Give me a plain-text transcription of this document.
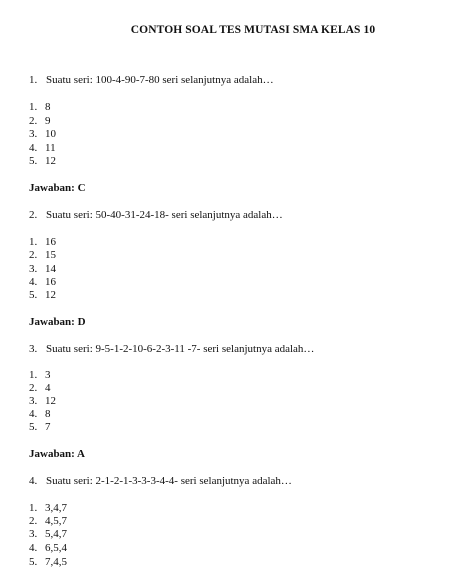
CONTOH SOAL TES MUTASI SMA KELAS 10
1. Suatu seri: 100-4-90-7-80 seri selanjutnya adalah…
1. 8
2. 9
3. 10
4. 11
5. 12
Jawaban: C
2. Suatu seri: 50-40-31-24-18- seri selanjutnya adalah…
1. 16
2. 15
3. 14
4. 16
5. 12
Jawaban: D
3. Suatu seri: 9-5-1-2-10-6-2-3-11 -7- seri selanjutnya adalah…
1. 3
2. 4
3. 12
4. 8
5. 7
Jawaban: A
4. Suatu seri: 2-1-2-1-3-3-3-4-4- seri selanjutnya adalah…
1. 3,4,7
2. 4,5,7
3. 5,4,7
4. 6,5,4
5. 7,4,5
